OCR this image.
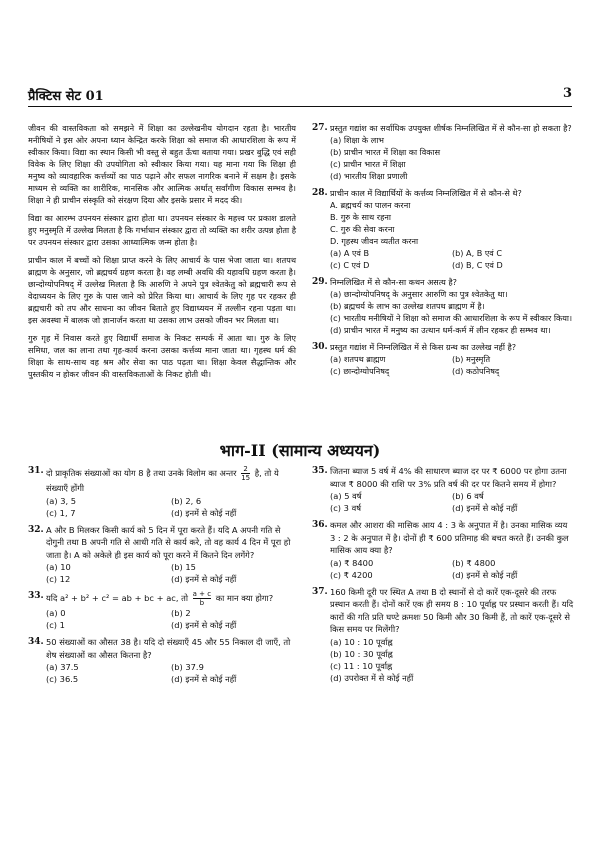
प्रैक्टिस सेट 01	3

जीवन की वास्तविकता को समझने में शिक्षा का उल्लेखनीय योगदान रहता है। भारतीय मनीषियों ने इस ओर अपना ध्यान केन्द्रित करके शिक्षा को समाज की आधारशिला के रूप में स्वीकार किया। विद्या का स्थान किसी भी वस्तु से बहुत ऊँचा बताया गया। प्रखर बुद्धि एवं सही विवेक के लिए शिक्षा की उपयोगिता को स्वीकार किया गया। यह माना गया कि शिक्षा ही मनुष्य को व्यावहारिक कर्त्तव्यों का पाठ पढ़ाने और सफल नागरिक बनाने में सक्षम है। इसके माध्यम से व्यक्ति का शारीरिक, मानसिक और आत्मिक अर्थात् सर्वांगीण विकास सम्भव है। शिक्षा ने ही प्राचीन संस्कृति को संरक्षण दिया और इसके प्रसार में मदद की।

विद्या का आरम्भ उपनयन संस्कार द्वारा होता था। उपनयन संस्कार के महत्त्व पर प्रकाश डालते हुए मनुस्मृति में उल्लेख मिलता है कि गर्भाधान संस्कार द्वारा तो व्यक्ति का शरीर उत्पन्न होता है पर उपनयन संस्कार द्वारा उसका आध्यात्मिक जन्म होता है।

प्राचीन काल में बच्चों को शिक्षा प्राप्त करने के लिए आचार्य के पास भेजा जाता था। शतपथ ब्राह्मण के अनुसार, जो ब्रह्मचर्य ग्रहण करता है। वह लम्बी अवधि की यहावधि ग्रहण करता है। छान्दोग्योपनिषद् में उल्लेख मिलता है कि आरुणि ने अपने पुत्र श्वेतकेतु को ब्रह्मचारी रूप से वेदाध्ययन के लिए गुरु के पास जाने को प्रेरित किया था। आचार्य के लिए गृह पर रहकर ही ब्रह्मचारी को तप और साधना का जीवन बिताते हुए विद्याध्ययन में तल्लीन रहना पड़ता था। इस अवस्था में बालक जो ज्ञानार्जन करता था उसका लाभ उसको जीवन भर मिलता था।

गुरु गृह में निवास करते हुए विद्यार्थी समाज के निकट सम्पर्क में आता था। गुरु के लिए समिधा, जल का लाना तथा गृह-कार्य करना उसका कर्त्तव्य माना जाता था। गृहस्थ धर्म की शिक्षा के साथ-साथ वह श्रम और सेवा का पाठ पढ़ता था। शिक्षा केवल सैद्धान्तिक और पुस्तकीय न होकर जीवन की वास्तविकताओं के निकट होती थी।

27. प्रस्तुत गद्यांश का सर्वाधिक उपयुक्त शीर्षक निम्नलिखित में से कौन-सा हो सकता है?
(a) शिक्षा के लाभ
(b) प्राचीन भारत में शिक्षा का विकास
(c) प्राचीन भारत में शिक्षा
(d) भारतीय शिक्षा प्रणाली
28. प्राचीन काल में विद्यार्थियों के कर्त्तव्य निम्नलिखित में से कौन-से थे?
A. ब्रह्मचर्य का पालन करना
B. गुरु के साथ रहना
C. गुरु की सेवा करना
D. गृहस्थ जीवन व्यतीत करना
(a) A एवं B	(b) A, B एवं C
(c) C एवं D	(d) B, C एवं D
29. निम्नलिखित में से कौन-सा कथन असत्य है?
(a) छान्दोग्योपनिषद् के अनुसार आरुणि का पुत्र श्वेतकेतु था।
(b) ब्रह्मचर्य के लाभ का उल्लेख शतपथ ब्राह्मण में है।
(c) भारतीय मनीषियों ने शिक्षा को समाज की आधारशिला के रूप में स्वीकार किया।
(d) प्राचीन भारत में मनुष्य का उत्थान धर्म-कर्म में लीन रहकर ही सम्भव था।
30. प्रस्तुत गद्यांश में निम्नलिखित में से किस ग्रन्थ का उल्लेख नहीं है?
(a) शतपथ ब्राह्मण	(b) मनुस्मृति
(c) छान्दोग्योपनिषद्	(d) कठोपनिषद्
भाग-II (सामान्य अध्ययन)
31. दो प्राकृतिक संख्याओं का योग 8 है तथा उनके विलोम का अन्तर $\frac{2}{15}$ है, तो ये संख्याएँ होंगी
(a) 3, 5	(b) 2, 6
(c) 1, 7	(d) इनमें से कोई नहीं
32. A और B मिलकर किसी कार्य को 5 दिन में पूरा करते हैं। यदि A अपनी गति से दोगुनी तथा B अपनी गति से आधी गति से कार्य करे, तो वह कार्य 4 दिन में पूरा हो जाता है। A को अकेले ही इस कार्य को पूरा करने में कितने दिन लगेंगे?
(a) 10	(b) 15
(c) 12	(d) इनमें से कोई नहीं
33. यदि a² + b² + c² = ab + bc + ac, तो $\frac{a + c}{b}$ का मान क्या होगा?
(a) 0	(b) 2
(c) 1	(d) इनमें से कोई नहीं
34. 50 संख्याओं का औसत 38 है। यदि दो संख्याएँ 45 और 55 निकाल दी जाएँ, तो शेष संख्याओं का औसत कितना है?
(a) 37.5	(b) 37.9
(c) 36.5	(d) इनमें से कोई नहीं
35. जितना ब्याज 5 वर्ष में 4% की साधारण ब्याज दर पर ₹ 6000 पर होगा उतना ब्याज ₹ 8000 की राशि पर 3% प्रति वर्ष की दर पर कितने समय में होगा?
(a) 5 वर्ष	(b) 6 वर्ष
(c) 3 वर्ष	(d) इनमें से कोई नहीं
36. कमल और आशरा की मासिक आय 4 : 3 के अनुपात में है। उनका मासिक व्यय 3 : 2 के अनुपात में है। दोनों ही ₹ 600 प्रतिमाह की बचत करते हैं। उनकी कुल मासिक आय क्या है?
(a) ₹ 8400	(b) ₹ 4800
(c) ₹ 4200	(d) इनमें से कोई नहीं
37. 160 किमी दूरी पर स्थित A तथा B दो स्थानों से दो कारें एक-दूसरे की तरफ प्रस्थान करती हैं। दोनों कारें एक ही समय 8 : 10 पूर्वाह्न पर प्रस्थान करती हैं। यदि कारों की गति प्रति घण्टे क्रमशः 50 किमी और 30 किमी हैं, तो कारें एक-दूसरे से किस समय पर मिलेंगी?
(a) 10 : 10 पूर्वाह्न
(b) 10 : 30 पूर्वाह्न
(c) 11 : 10 पूर्वाह्न
(d) उपरोक्त में से कोई नहीं
